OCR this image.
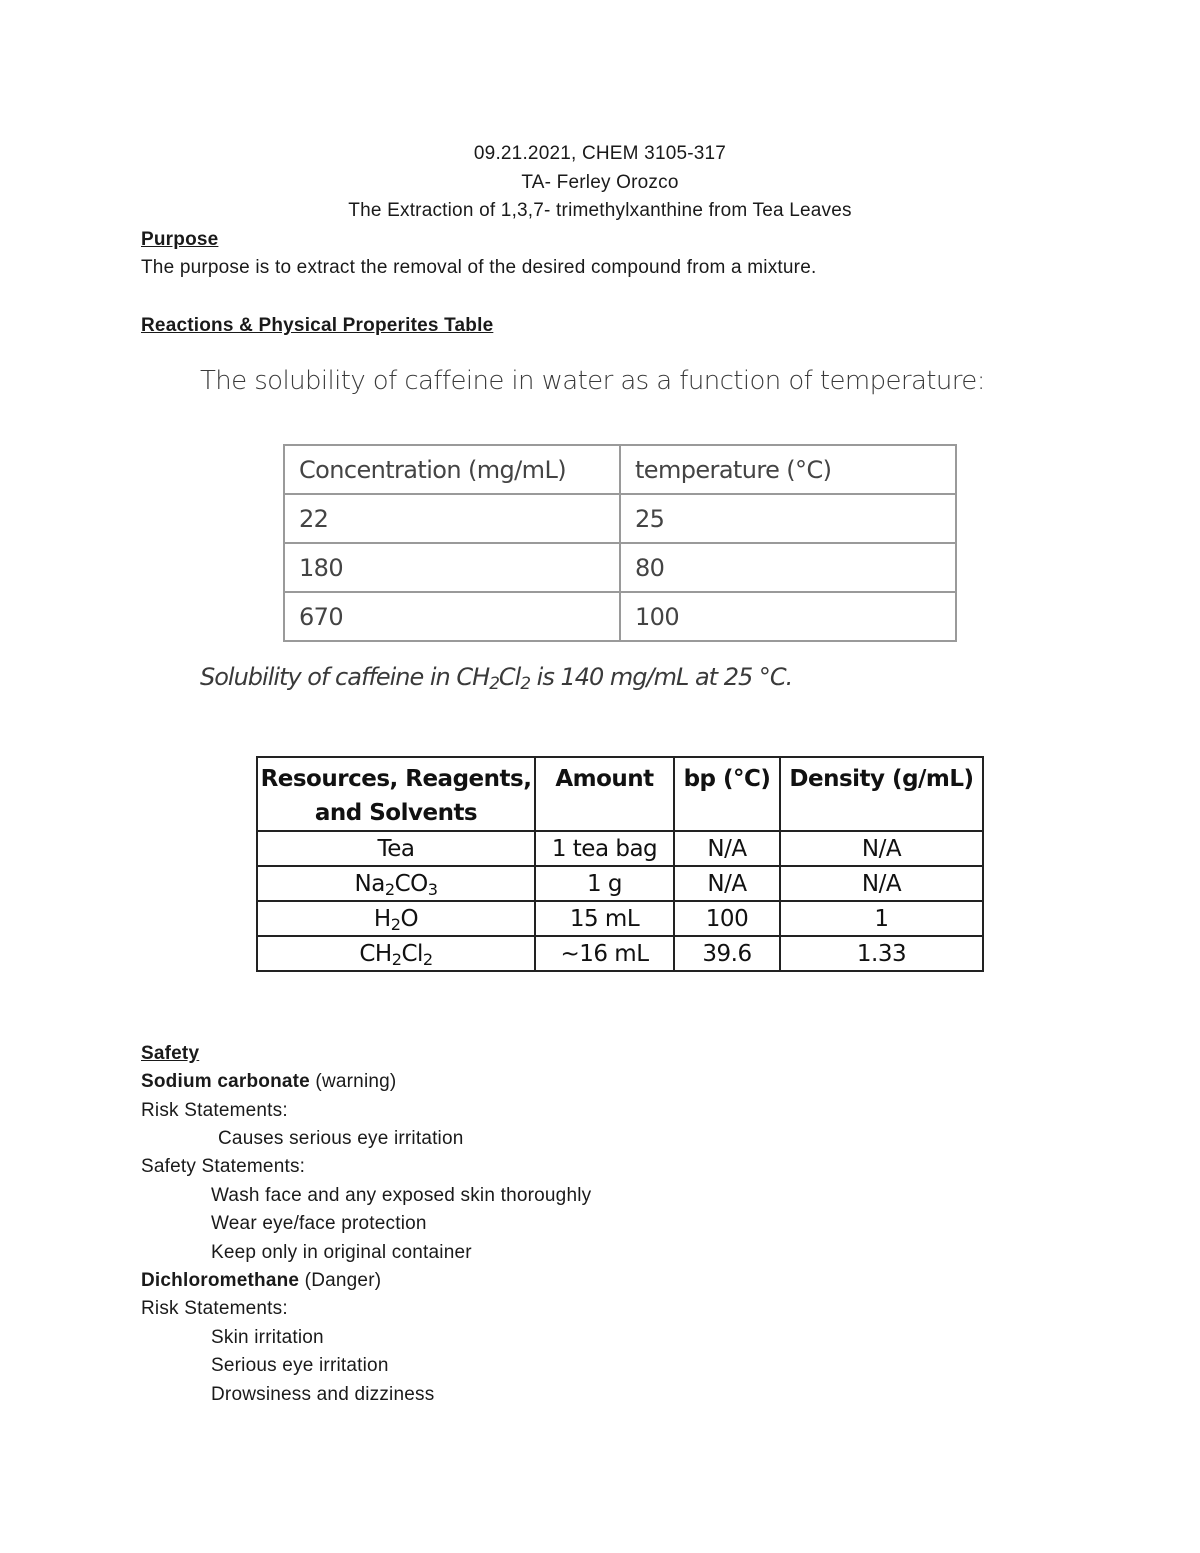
09.21.2021, CHEM 3105-317
TA- Ferley Orozco
The Extraction of 1,3,7- trimethylxanthine from Tea Leaves
Purpose
The purpose is to extract the removal of the desired compound from a mixture.
Reactions & Physical Properites Table
The solubility of caffeine in water as a function of temperature:
Concentration (mg/mL)	temperature (°C)
22	25
180	80
670	100
Solubility of caffeine in $CH_2Cl_2$ is 140 mg/mL at 25 °C.
Resources, Reagents,
and Solvents	Amount	bp (°C)	Density (g/mL)
Tea	1 tea bag	N/A	N/A
$Na_2CO_3$	1 g	N/A	N/A
$H_2O$	15 mL	100	1
$CH_2Cl_2$	~16 mL	39.6	1.33
Safety
Sodium carbonate (warning)
Risk Statements:
Causes serious eye irritation
Safety Statements:
Wash face and any exposed skin thoroughly
Wear eye/face protection
Keep only in original container
Dichloromethane (Danger)
Risk Statements:
Skin irritation
Serious eye irritation
Drowsiness and dizziness
